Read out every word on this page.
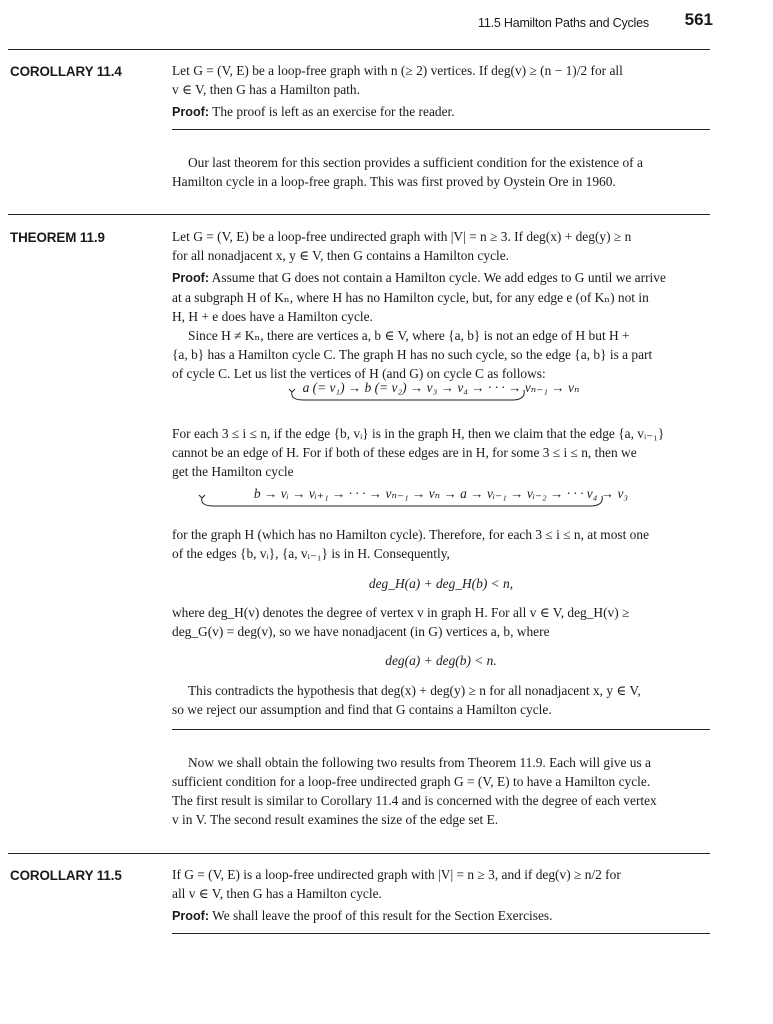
11.5 Hamilton Paths and Cycles 561
COROLLARY 11.4	Let G = (V, E) be a loop-free graph with n (≥ 2) vertices. If deg(v) ≥ (n − 1)/2 for all

v ∈ V, then G has a Hamilton path.

Proof: The proof is left as an exercise for the reader.

Our last theorem for this section provides a sufficient condition for the existence of a

Hamilton cycle in a loop-free graph. This was first proved by Oystein Ore in 1960.

THEOREM 11.9	Let G = (V, E) be a loop-free undirected graph with |V| = n ≥ 3. If deg(x) + deg(y) ≥ n

for all nonadjacent x, y ∈ V, then G contains a Hamilton cycle.

Proof: Assume that G does not contain a Hamilton cycle. We add edges to G until we arrive

at a subgraph H of Kₙ, where H has no Hamilton cycle, but, for any edge e (of Kₙ) not in

H, H + e does have a Hamilton cycle.

Since H ≠ Kₙ, there are vertices a, b ∈ V, where {a, b} is not an edge of H but H +

{a, b} has a Hamilton cycle C. The graph H has no such cycle, so the edge {a, b} is a part

of cycle C. Let us list the vertices of H (and G) on cycle C as follows:

a (= v₁) → b (= v₂) → v₃ → v₄ → · · · → vₙ₋₁ → vₙ

For each 3 ≤ i ≤ n, if the edge {b, vᵢ} is in the graph H, then we claim that the edge {a, vᵢ₋₁}

cannot be an edge of H. For if both of these edges are in H, for some 3 ≤ i ≤ n, then we

get the Hamilton cycle

b → vᵢ → vᵢ₊₁ → · · · → vₙ₋₁ → vₙ → a → vᵢ₋₁ → vᵢ₋₂ → · · · v₄ → v₃

for the graph H (which has no Hamilton cycle). Therefore, for each 3 ≤ i ≤ n, at most one

of the edges {b, vᵢ}, {a, vᵢ₋₁} is in H. Consequently,

deg_H(a) + deg_H(b) < n,

where deg_H(v) denotes the degree of vertex v in graph H. For all v ∈ V, deg_H(v) ≥

deg_G(v) = deg(v), so we have nonadjacent (in G) vertices a, b, where

deg(a) + deg(b) < n.

This contradicts the hypothesis that deg(x) + deg(y) ≥ n for all nonadjacent x, y ∈ V,

so we reject our assumption and find that G contains a Hamilton cycle.

Now we shall obtain the following two results from Theorem 11.9. Each will give us a

sufficient condition for a loop-free undirected graph G = (V, E) to have a Hamilton cycle.

The first result is similar to Corollary 11.4 and is concerned with the degree of each vertex

v in V. The second result examines the size of the edge set E.

COROLLARY 11.5	If G = (V, E) is a loop-free undirected graph with |V| = n ≥ 3, and if deg(v) ≥ n/2 for

all v ∈ V, then G has a Hamilton cycle.

Proof: We shall leave the proof of this result for the Section Exercises.
